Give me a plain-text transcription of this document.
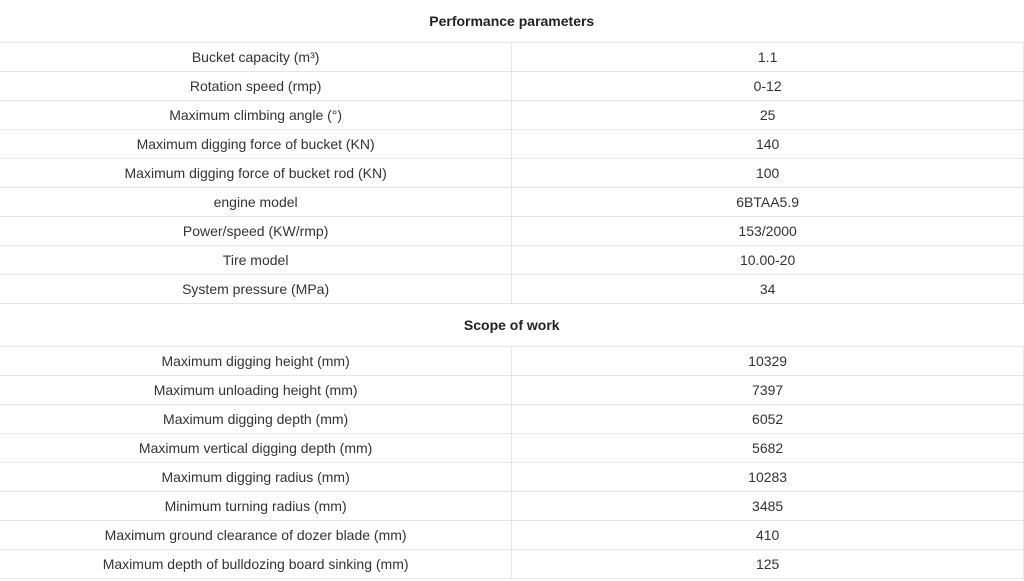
Performance parameters	
Bucket capacity (m³)	1.1
Rotation speed (rmp)	0-12
Maximum climbing angle (°)	25
Maximum digging force of bucket (KN)	140
Maximum digging force of bucket rod (KN)	100
engine model	6BTAA5.9
Power/speed (KW/rmp)	153/2000
Tire model	10.00-20
System pressure (MPa)	34
Scope of work	
Maximum digging height (mm)	10329
Maximum unloading height (mm)	7397
Maximum digging depth (mm)	6052
Maximum vertical digging depth (mm)	5682
Maximum digging radius (mm)	10283
Minimum turning radius (mm)	3485
Maximum ground clearance of dozer blade (mm)	410
Maximum depth of bulldozing board sinking (mm)	125
